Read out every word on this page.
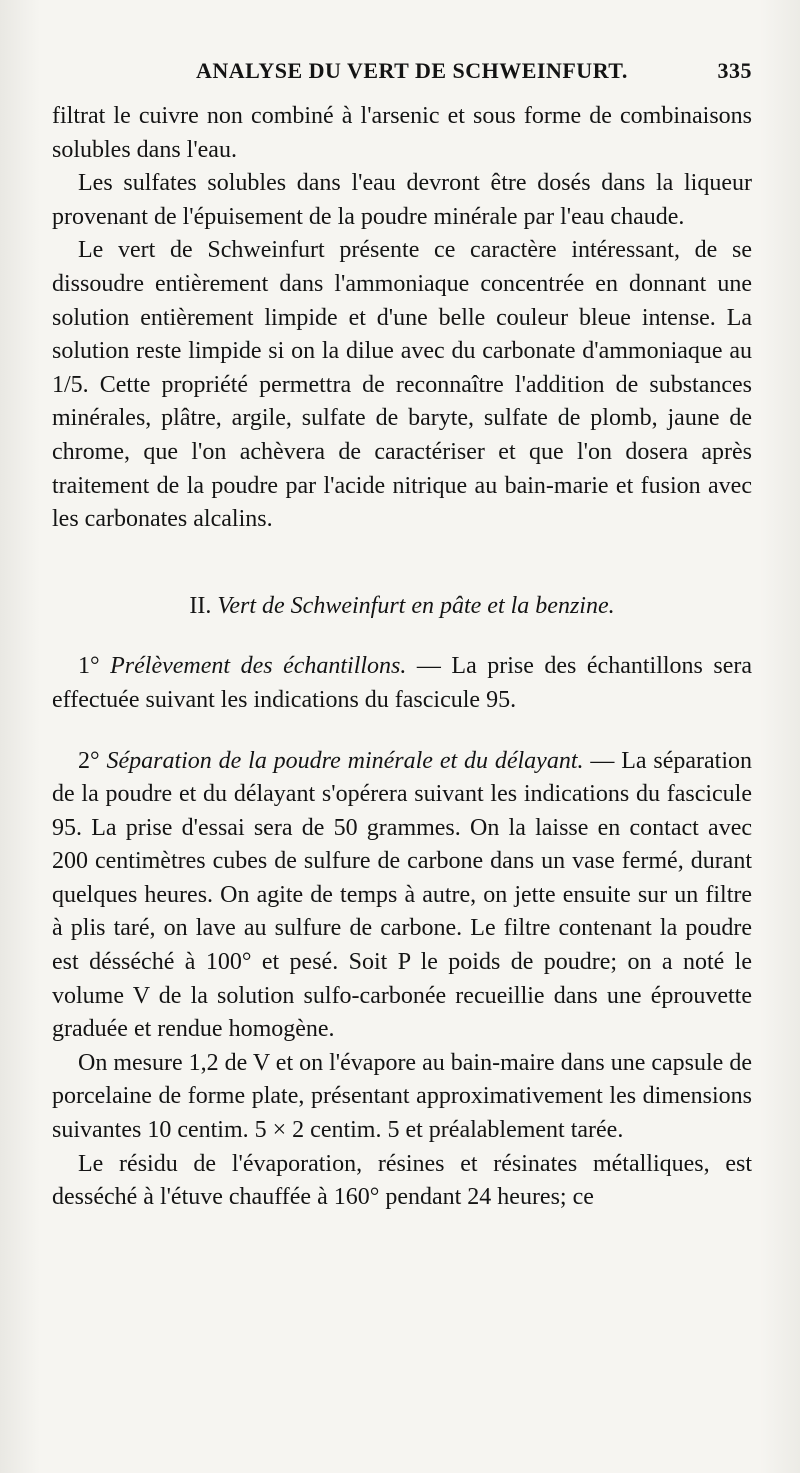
ANALYSE DU VERT DE SCHWEINFURT.	335

filtrat le cuivre non combiné à l'arsenic et sous forme de combinaisons solubles dans l'eau.

Les sulfates solubles dans l'eau devront être dosés dans la liqueur provenant de l'épuisement de la poudre minérale par l'eau chaude.

Le vert de Schweinfurt présente ce caractère intéressant, de se dissoudre entièrement dans l'ammoniaque concentrée en donnant une solution entièrement limpide et d'une belle couleur bleue intense. La solution reste limpide si on la dilue avec du carbonate d'ammoniaque au 1/5. Cette propriété permettra de reconnaître l'addition de substances minérales, plâtre, argile, sulfate de baryte, sulfate de plomb, jaune de chrome, que l'on achèvera de caractériser et que l'on dosera après traitement de la poudre par l'acide nitrique au bain-marie et fusion avec les carbonates alcalins.

II. Vert de Schweinfurt en pâte et la benzine.

1° Prélèvement des échantillons. — La prise des échantillons sera effectuée suivant les indications du fascicule 95.

2° Séparation de la poudre minérale et du délayant. — La séparation de la poudre et du délayant s'opérera suivant les indications du fascicule 95. La prise d'essai sera de 50 grammes. On la laisse en contact avec 200 centimètres cubes de sulfure de carbone dans un vase fermé, durant quelques heures. On agite de temps à autre, on jette ensuite sur un filtre à plis taré, on lave au sulfure de carbone. Le filtre contenant la poudre est désséché à 100° et pesé. Soit P le poids de poudre; on a noté le volume V de la solution sulfo-carbonée recueillie dans une éprouvette graduée et rendue homogène.

On mesure 1,2 de V et on l'évapore au bain-maire dans une capsule de porcelaine de forme plate, présentant approximativement les dimensions suivantes 10 centim. 5 × 2 centim. 5 et préalablement tarée.

Le résidu de l'évaporation, résines et résinates métalliques, est desséché à l'étuve chauffée à 160° pendant 24 heures; ce
